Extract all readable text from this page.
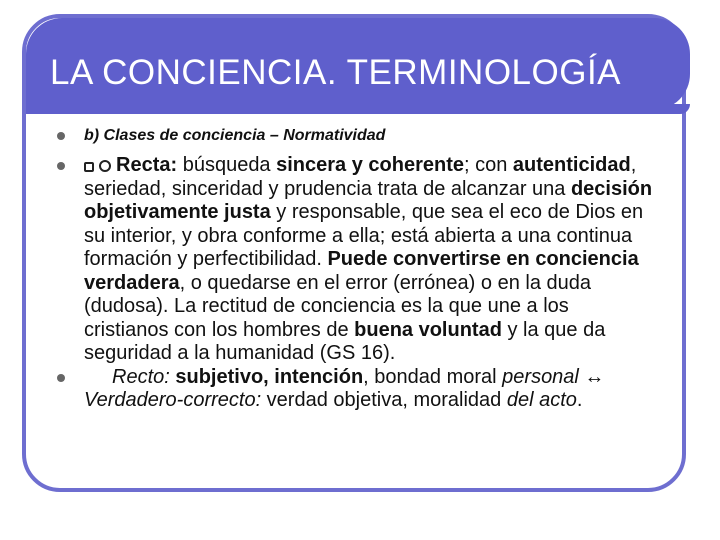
LA CONCIENCIA. TERMINOLOGÍA
b) Clases de conciencia – Normatividad
Recta: búsqueda sincera y coherente; con autenticidad, seriedad, sinceridad y prudencia trata de alcanzar una decisión objetivamente justa y responsable, que sea el eco de Dios en su interior, y obra conforme a ella; está abierta a una continua formación y perfectibilidad. Puede convertirse en conciencia verdadera, o quedarse en el error (errónea) o en la duda (dudosa). La rectitud de conciencia es la que une a los cristianos con los hombres de buena voluntad y la que da seguridad a la humanidad (GS 16).
Recto: subjetivo, intención, bondad moral personal ↔ Verdadero-correcto: verdad objetiva, moralidad del acto.
